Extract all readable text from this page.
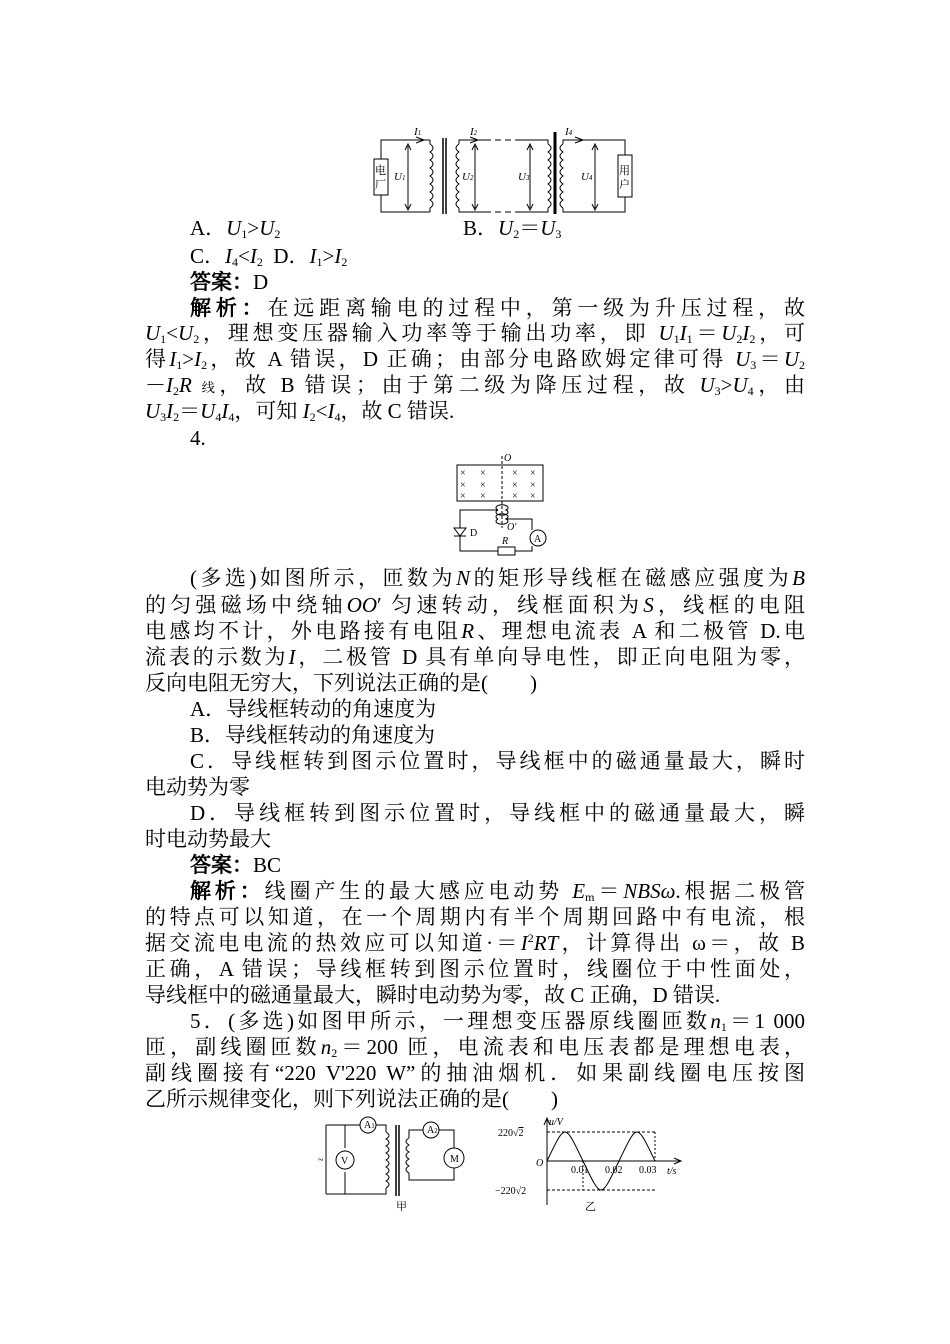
电
厂
用
户
I1	I2	I4
U1	U2	U3	U4
A．$U_1>U_2$	B．$U_2=U_3$
C．$I_4<I_2$ D．$I_1>I_2$
答案：D
解析：在远距离输电的过程中，第一级为升压过程，故
$U_1<U_2$，理想变压器输入功率等于输出功率，即 $U_1I_1=U_2I_2$，可
得$I_1>I_2$，故 A 错误，D 正确；由部分电路欧姆定律可得 $U_3=U_2$
$-I_2R$ 线，故 B 错误；由于第二级为降压过程，故 $U_3>U_4$，由
$U_3I_2=U_4I_4$，可知 $I_2<I_4$，故 C 错误.
4.
O
O′
D
R	A
× ×	× ×
× ×	× ×
× ×	× ×
(多选)如图所示，匝数为N的矩形导线框在磁感应强度为B
的匀强磁场中绕轴OO′ 匀速转动，线框面积为S，线框的电阻
电感均不计，外电路接有电阻R、理想电流表 A 和二极管 D.电
流表的示数为I，二极管 D 具有单向导电性，即正向电阻为零，
反向电阻无穷大，下列说法正确的是(　　)
A．导线框转动的角速度为
B．导线框转动的角速度为
C．导线框转到图示位置时，导线框中的磁通量最大，瞬时
电动势为零
D．导线框转到图示位置时，导线框中的磁通量最大，瞬
时电动势最大
答案：BC
解析：线圈产生的最大感应电动势 $E_m=NBS\omega$.根据二极管
的特点可以知道，在一个周期内有半个周期回路中有电流，根
据交流电电流的热效应可以知道$\cdot=I^2RT$，计算得出 ω＝，故 B
正确，A 错误；导线框转到图示位置时，线圈位于中性面处，
导线框中的磁通量最大，瞬时电动势为零，故 C 正确，D 错误.
5．(多选)如图甲所示，一理想变压器原线圈匝数$n_1=1$ 000
匝，副线圈匝数$n_2=200$ 匝，电流表和电压表都是理想电表，
副线圈接有“220 V'220 W”的抽油烟机．如果副线圈电压按图
乙所示规律变化，则下列说法正确的是(　　)
A1	A2
V	M
~
甲
u/V
t/s
O
220√2
−220√2
0.01 0.02 0.03
乙
